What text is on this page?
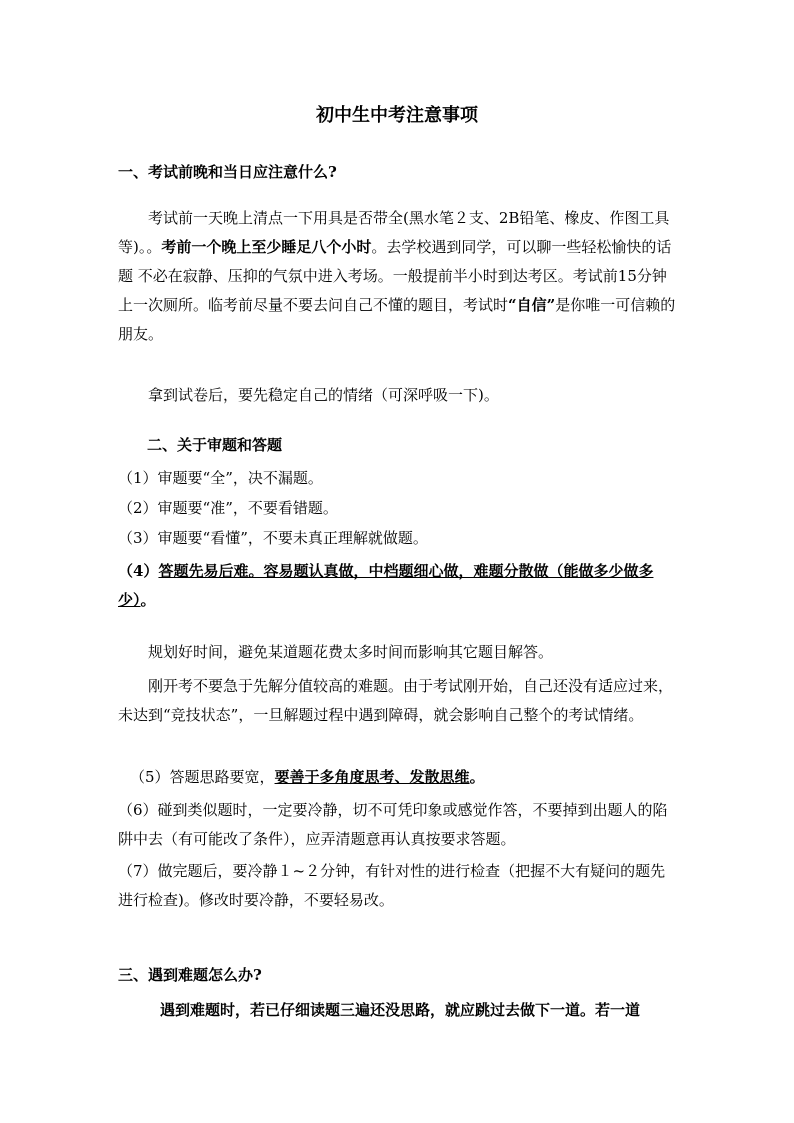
初中生中考注意事项
一、考试前晚和当日应注意什么?
考试前一天晚上清点一下用具是否带全(黑水笔２支、2B铅笔、橡皮、作图工具等)。。考前一个晚上至少睡足八个小时。去学校遇到同学，可以聊一些轻松愉快的话题 不必在寂静、压抑的气氛中进入考场。一般提前半小时到达考区。考试前15分钟上一次厕所。临考前尽量不要去问自己不懂的题目，考试时“自信”是你唯一可信赖的朋友。
拿到试卷后，要先稳定自己的情绪（可深呼吸一下)。
二、关于审题和答题
（1）审题要“全”，决不漏题。
（2）审题要“准”，不要看错题。
（3）审题要“看懂”，不要未真正理解就做题。
（4）答题先易后难。容易题认真做，中档题细心做，难题分散做（能做多少做多少）。
规划好时间，避免某道题花费太多时间而影响其它题目解答。
刚开考不要急于先解分值较高的难题。由于考试刚开始，自己还没有适应过来，未达到“竞技状态”，一旦解题过程中遇到障碍，就会影响自己整个的考试情绪。
（5）答题思路要宽，要善于多角度思考、发散思维。
（6）碰到类似题时，一定要冷静，切不可凭印象或感觉作答，不要掉到出题人的陷阱中去（有可能改了条件），应弄清题意再认真按要求答题。
（7）做完题后，要冷静１~２分钟，有针对性的进行检查（把握不大有疑问的题先进行检查)。修改时要冷静，不要轻易改。
三、遇到难题怎么办?
遇到难题时，若已仔细读题三遍还没思路，就应跳过去做下一道。若一道
